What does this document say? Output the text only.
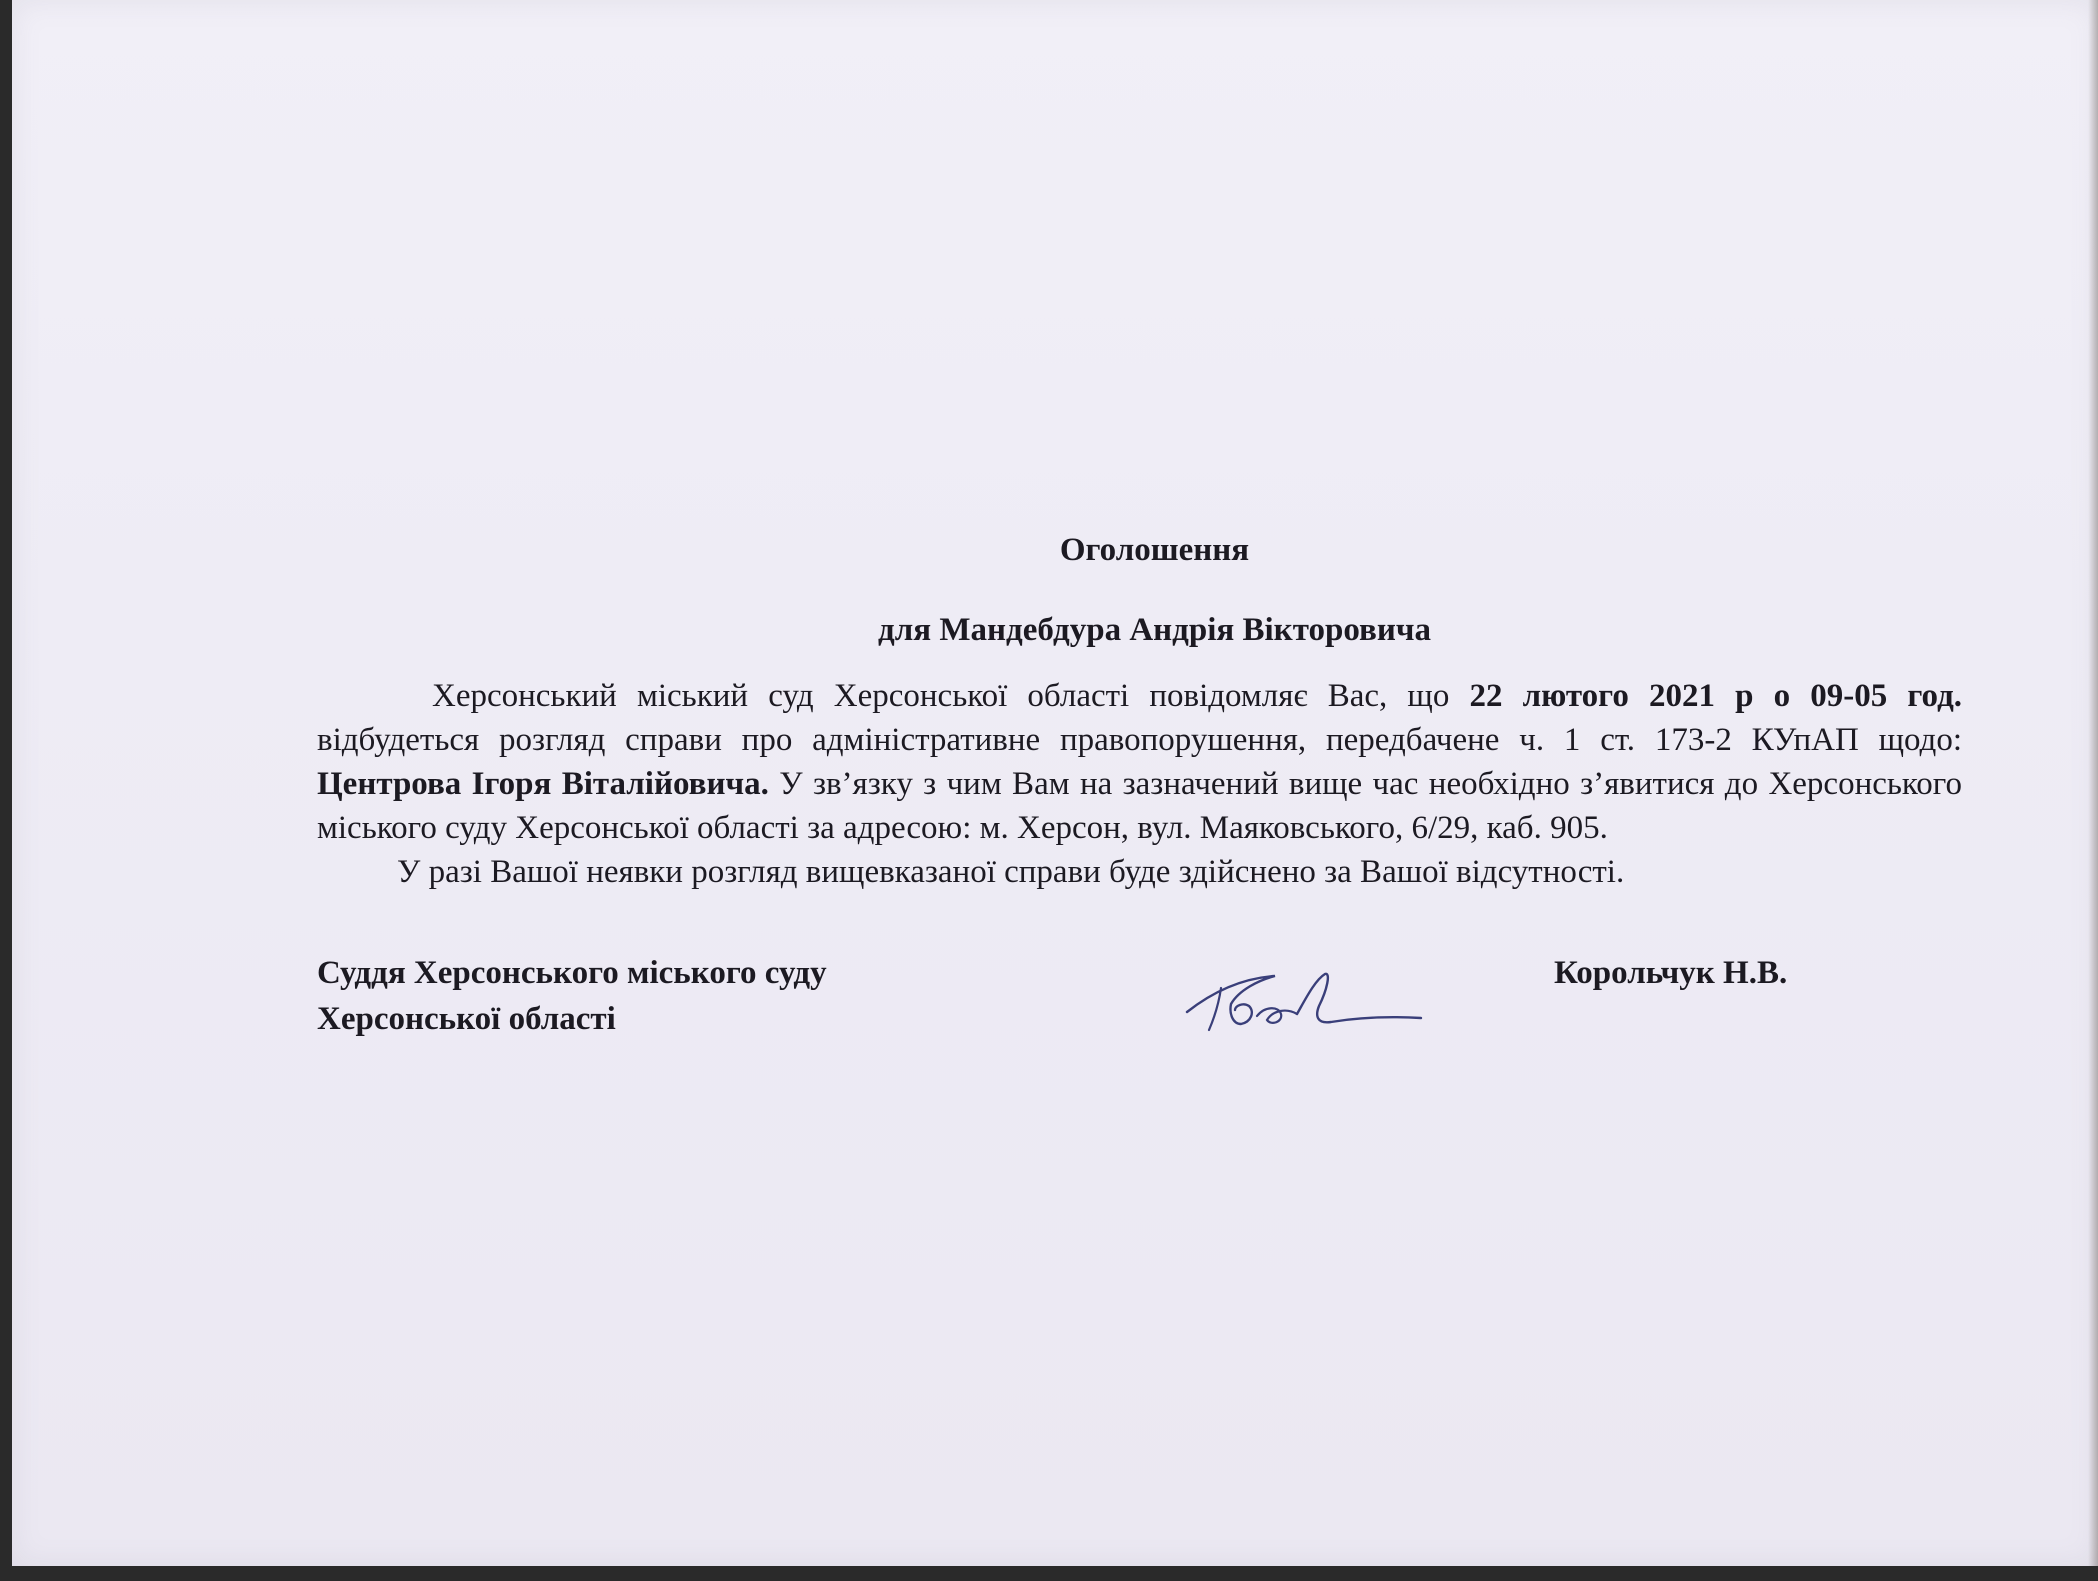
Оголошення

для Мандебдура Андрія Вікторовича

Херсонський міський суд Херсонської області повідомляє Вас, що 22 лютого 2021 р о 09-05 год. відбудеться розгляд справи про адміністративне правопорушення, передбачене ч. 1 ст. 173-2 КУпАП щодо: Центрова Ігоря Віталійовича. У зв’язку з чим Вам на зазначений вище час необхідно з’явитися до Херсонського міського суду Херсонської області за адресою: м. Херсон, вул. Маяковського, 6/29, каб. 905.

У разі Вашої неявки розгляд вищевказаної справи буде здійснено за Вашої відсутності.

Суддя Херсонського міського суду
Херсонської області
Корольчук Н.В.
